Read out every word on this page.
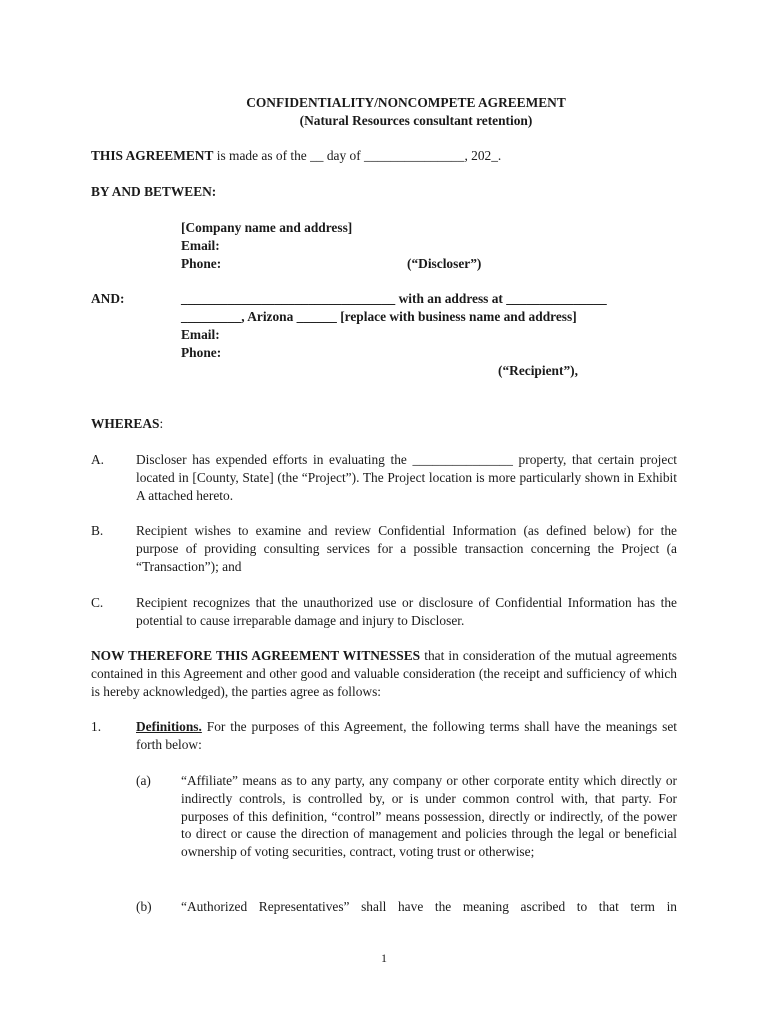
CONFIDENTIALITY/NONCOMPETE AGREEMENT
(Natural Resources consultant retention)
THIS AGREEMENT is made as of the __ day of _______________, 202_.
BY AND BETWEEN:
[Company name and address]
Email:
Phone:	(“Discloser”)
AND:	________________________________ with an address at _______________
_________, Arizona ______ [replace with business name and address]
Email:
Phone:
(“Recipient”),
WHEREAS:
A. Discloser has expended efforts in evaluating the _______________ property, that certain project located in [County, State] (the “Project”). The Project location is more particularly shown in Exhibit A attached hereto.
B. Recipient wishes to examine and review Confidential Information (as defined below) for the purpose of providing consulting services for a possible transaction concerning the Project (a “Transaction”); and
C. Recipient recognizes that the unauthorized use or disclosure of Confidential Information has the potential to cause irreparable damage and injury to Discloser.
NOW THEREFORE THIS AGREEMENT WITNESSES that in consideration of the mutual agreements contained in this Agreement and other good and valuable consideration (the receipt and sufficiency of which is hereby acknowledged), the parties agree as follows:
1.	Definitions. For the purposes of this Agreement, the following terms shall have the meanings set forth below:
(a) “Affiliate” means as to any party, any company or other corporate entity which directly or indirectly controls, is controlled by, or is under common control with, that party. For purposes of this definition, “control” means possession, directly or indirectly, of the power to direct or cause the direction of management and policies through the legal or beneficial ownership of voting securities, contract, voting trust or otherwise;
(b) “Authorized Representatives” shall have the meaning ascribed to that term in
1
